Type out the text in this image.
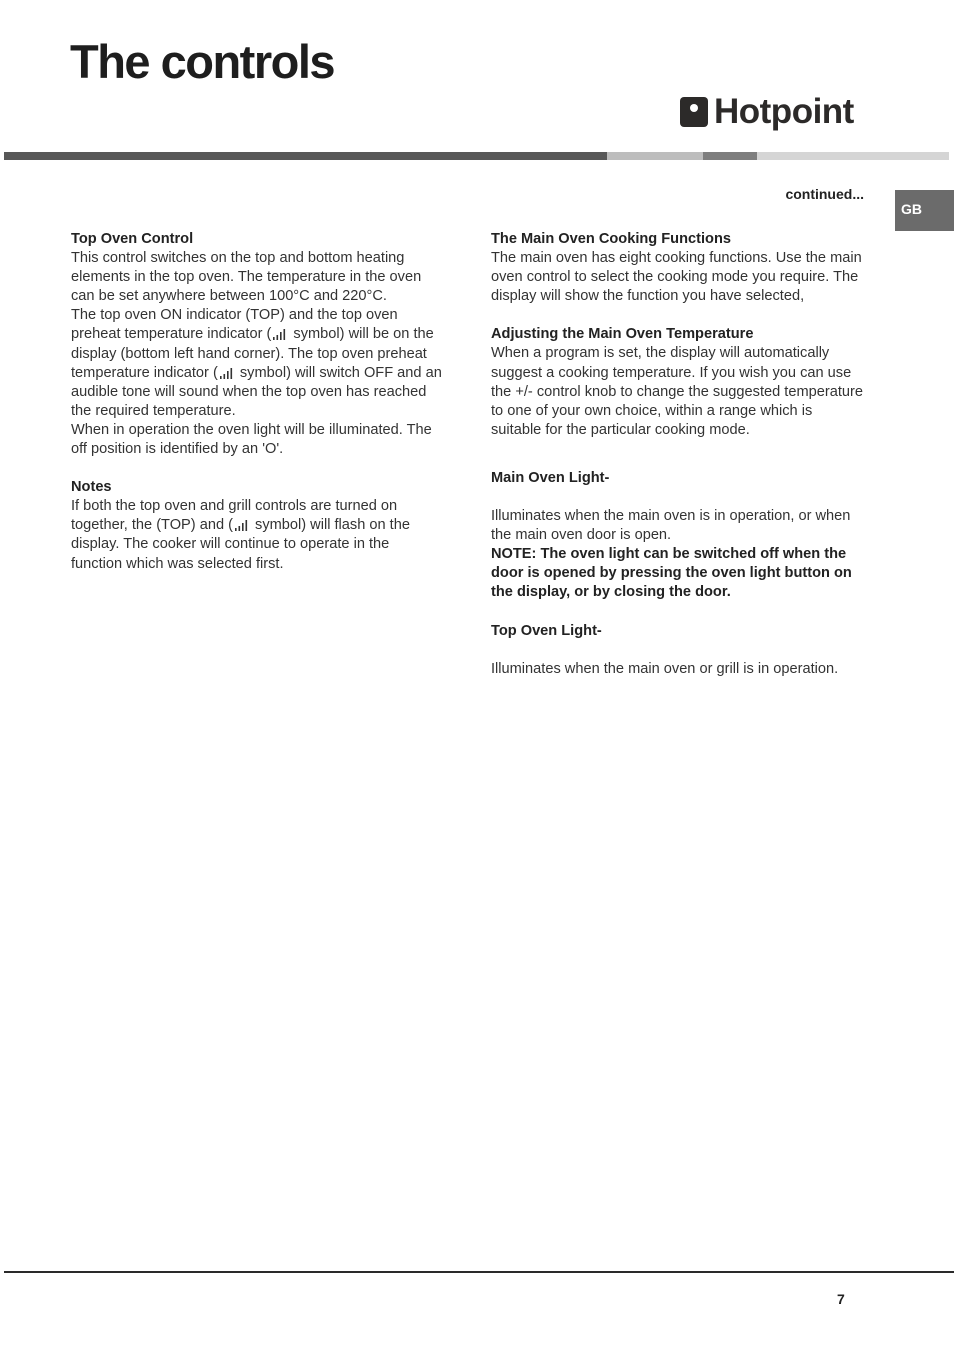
The controls
Hotpoint
GB
continued...
Top Oven Control

This control switches on the top and bottom heating elements in the top oven. The temperature in the oven can be set anywhere between 100°C and 220°C.

The top oven ON indicator (TOP) and the top oven preheat temperature indicator ( symbol) will be on the display (bottom left hand corner). The top oven preheat temperature indicator ( symbol) will switch OFF and an audible tone will sound when the top oven has reached the required temperature.

When in operation the oven light will be illuminated. The off position is identified by an 'O'.

Notes

If both the top oven and grill controls are turned on together, the (TOP) and ( symbol) will flash on the display. The cooker will continue to operate in the function which was selected first.

The Main Oven Cooking Functions

The main oven has eight cooking functions. Use the main oven control to select the cooking mode you require. The display will show the function you have selected,

Adjusting the Main Oven Temperature

When a program is set, the display will automatically suggest a cooking temperature. If you wish you can use the +/- control knob to change the suggested temperature to one of your own choice, within a range which is suitable for the particular cooking mode.

Main Oven Light-

Illuminates when the main oven is in operation, or when the main oven door is open.

NOTE: The oven light can be switched off when the door is opened by pressing the oven light button on the display, or by closing the door.

Top Oven Light-

Illuminates when the main oven or grill is in operation.

7
